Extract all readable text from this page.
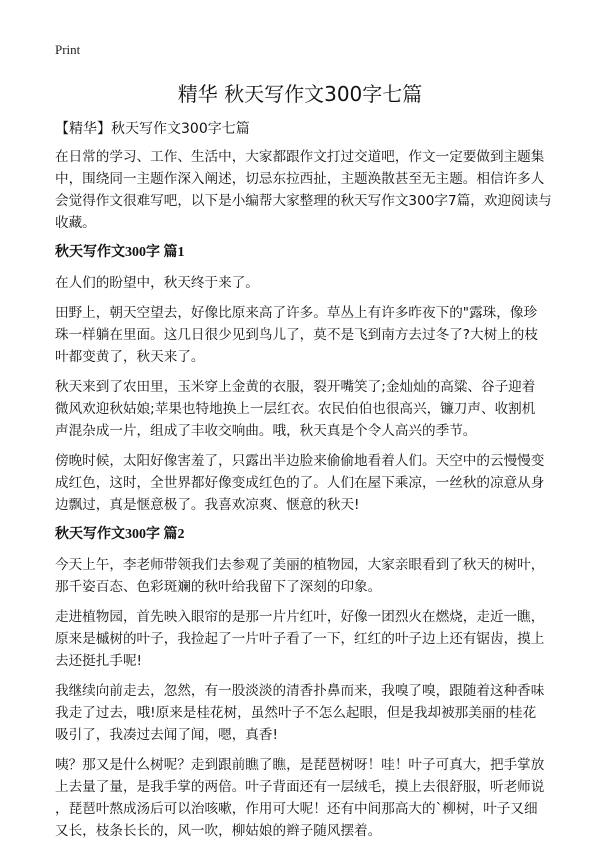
Print
精华 秋天写作文300字七篇
【精华】秋天写作文300字七篇
在日常的学习、工作、生活中，大家都跟作文打过交道吧，作文一定要做到主题集
中，围绕同一主题作深入阐述，切忌东拉西扯，主题涣散甚至无主题。相信许多人
会觉得作文很难写吧，以下是小编帮大家整理的秋天写作文300字7篇，欢迎阅读与
收藏。
秋天写作文300字 篇1
在人们的盼望中，秋天终于来了。
田野上，朝天空望去，好像比原来高了许多。草丛上有许多昨夜下的"露珠，像珍
珠一样躺在里面。这几日很少见到鸟儿了，莫不是飞到南方去过冬了?大树上的枝
叶都变黄了，秋天来了。
秋天来到了农田里，玉米穿上金黄的衣服，裂开嘴笑了;金灿灿的高粱、谷子迎着
微风欢迎秋姑娘;苹果也特地换上一层红衣。农民伯伯也很高兴，镰刀声、收割机
声混杂成一片，组成了丰收交响曲。哦，秋天真是个令人高兴的季节。
傍晚时候，太阳好像害羞了，只露出半边脸来偷偷地看着人们。天空中的云慢慢变
成红色，这时，全世界都好像变成红色的了。人们在屋下乘凉，一丝秋的凉意从身
边飘过，真是惬意极了。我喜欢凉爽、惬意的秋天!
秋天写作文300字 篇2
今天上午，李老师带领我们去参观了美丽的植物园，大家亲眼看到了秋天的树叶，
那千姿百态、色彩斑斓的秋叶给我留下了深刻的印象。
走进植物园，首先映入眼帘的是那一片片红叶，好像一团烈火在燃烧，走近一瞧，
原来是槭树的叶子，我捡起了一片叶子看了一下，红红的叶子边上还有锯齿，摸上
去还挺扎手呢!
我继续向前走去，忽然，有一股淡淡的清香扑鼻而来，我嗅了嗅，跟随着这种香味
我走了过去，哦!原来是桂花树，虽然叶子不怎么起眼，但是我却被那美丽的桂花
吸引了，我凑过去闻了闻，嗯，真香!
咦？那又是什么树呢？走到跟前瞧了瞧，是琵琶树呀！哇！叶子可真大，把手掌放
上去量了量，是我手掌的两倍。叶子背面还有一层绒毛，摸上去很舒服，听老师说
，琵琶叶熬成汤后可以治咳嗽，作用可大呢！还有中间那高大的`柳树，叶子又细
又长，枝条长长的，风一吹，柳姑娘的辫子随风摆着。
